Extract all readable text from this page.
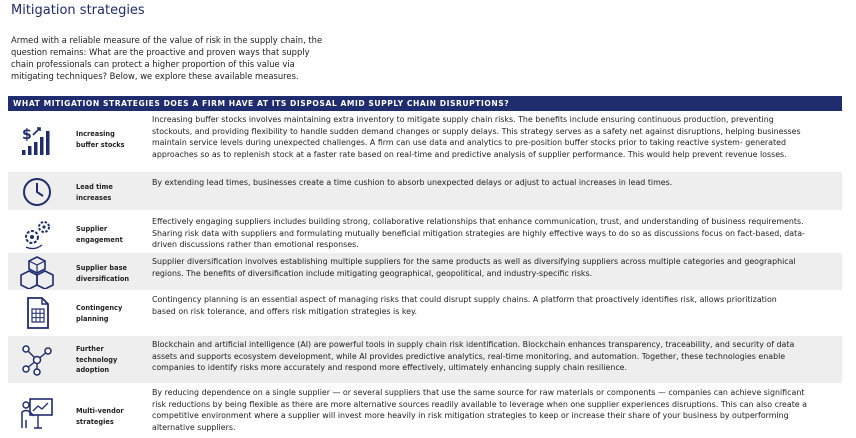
Mitigation strategies
Armed with a reliable measure of the value of risk in the supply chain, the
question remains: What are the proactive and proven ways that supply
chain professionals can protect a higher proportion of this value via
mitigating techniques? Below, we explore these available measures.
WHAT MITIGATION STRATEGIES DOES A FIRM HAVE AT ITS DISPOSAL AMID SUPPLY CHAIN DISRUPTIONS?
$	Increasing
buffer stocks
Increasing buffer stocks involves maintaining extra inventory to mitigate supply chain risks. The benefits include ensuring continuous production, preventing
stockouts, and providing flexibility to handle sudden demand changes or supply delays. This strategy serves as a safety net against disruptions, helping businesses
maintain service levels during unexpected challenges. A firm can use data and analytics to pre-position buffer stocks prior to taking reactive system- generated
approaches so as to replenish stock at a faster rate based on real-time and predictive analysis of supplier performance. This would help prevent revenue losses.
Lead time
increases
By extending lead times, businesses create a time cushion to absorb unexpected delays or adjust to actual increases in lead times.
Supplier
engagement
Effectively engaging suppliers includes building strong, collaborative relationships that enhance communication, trust, and understanding of business requirements.
Sharing risk data with suppliers and formulating mutually beneficial mitigation strategies are highly effective ways to do so as discussions focus on fact-based, data-
driven discussions rather than emotional responses.
Supplier base
diversification
Supplier diversification involves establishing multiple suppliers for the same products as well as diversifying suppliers across multiple categories and geographical
regions. The benefits of diversification include mitigating geographical, geopolitical, and industry-specific risks.
Contingency
planning
Contingency planning is an essential aspect of managing risks that could disrupt supply chains. A platform that proactively identifies risk, allows prioritization
based on risk tolerance, and offers risk mitigation strategies is key.
Further
technology
adoption
Blockchain and artificial intelligence (AI) are powerful tools in supply chain risk identification. Blockchain enhances transparency, traceability, and security of data
assets and supports ecosystem development, while AI provides predictive analytics, real-time monitoring, and automation. Together, these technologies enable
companies to identify risks more accurately and respond more effectively, ultimately enhancing supply chain resilience.
Multi-vendor
strategies
By reducing dependence on a single supplier — or several suppliers that use the same source for raw materials or components — companies can achieve significant
risk reductions by being flexible as there are more alternative sources readily available to leverage when one supplier experiences disruptions. This can also create a
competitive environment where a supplier will invest more heavily in risk mitigation strategies to keep or increase their share of your business by outperforming
alternative suppliers.
